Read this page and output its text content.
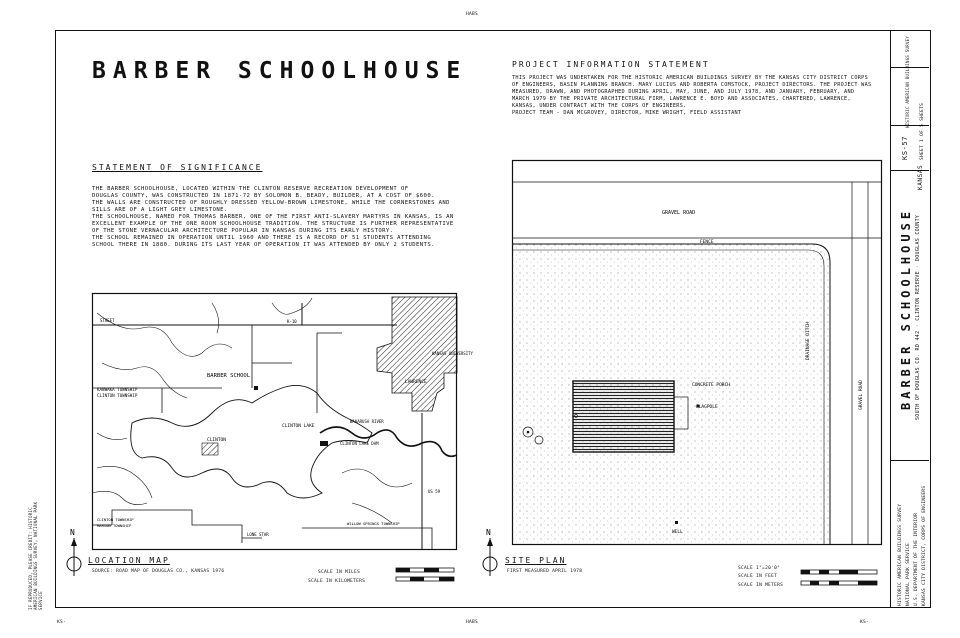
HABS
KS-57 SHEET 1 OF 5 SHEETS
HISTORIC AMERICAN BUILDINGS SURVEY
BARBER SCHOOLHOUSE SOUTH OF DOUGLAS CO. RD 442 · CLINTON RESERVE · DOUGLAS COUNTY
KANSAS
HISTORIC AMERICAN BUILDINGS SURVEY NATIONAL PARK SERVICE U.S. DEPARTMENT OF THE INTERIOR KANSAS CITY DISTRICT, CORPS OF ENGINEERS
IF REPRODUCED, PLEASE CREDIT: HISTORIC AMERICAN BUILDINGS SURVEY, NATIONAL PARK SERVICE
HABS
KS-	KS-
BARBER SCHOOLHOUSE
STATEMENT OF SIGNIFICANCE
THE BARBER SCHOOLHOUSE, LOCATED WITHIN THE CLINTON RESERVE RECREATION DEVELOPMENT OF
DOUGLAS COUNTY, WAS CONSTRUCTED IN 1871-72 BY SOLOMON B. BEADY, BUILDER, AT A COST OF $600.
THE WALLS ARE CONSTRUCTED OF ROUGHLY DRESSED YELLOW-BROWN LIMESTONE, WHILE THE CORNERSTONES AND
SILLS ARE OF A LIGHT GREY LIMESTONE.
THE SCHOOLHOUSE, NAMED FOR THOMAS BARBER, ONE OF THE FIRST ANTI-SLAVERY MARTYRS IN KANSAS, IS AN
EXCELLENT EXAMPLE OF THE ONE ROOM SCHOOLHOUSE TRADITION. THE STRUCTURE IS FURTHER REPRESENTATIVE
OF THE STONE VERNACULAR ARCHITECTURE POPULAR IN KANSAS DURING ITS EARLY HISTORY.
THE SCHOOL REMAINED IN OPERATION UNTIL 1960 AND THERE IS A RECORD OF 51 STUDENTS ATTENDING
SCHOOL THERE IN 1880. DURING ITS LAST YEAR OF OPERATION IT WAS ATTENDED BY ONLY 2 STUDENTS.
PROJECT INFORMATION STATEMENT
THIS PROJECT WAS UNDERTAKEN FOR THE HISTORIC AMERICAN BUILDINGS SURVEY BY THE KANSAS CITY DISTRICT CORPS
OF ENGINEERS, BASIN PLANNING BRANCH. MARY LUCIUS AND ROBERTA COMSTOCK, PROJECT DIRECTORS. THE PROJECT WAS
MEASURED, DRAWN, AND PHOTOGRAPHED DURING APRIL, MAY, JUNE, AND JULY 1978, AND JANUARY, FEBRUARY, AND
MARCH 1979 BY THE PRIVATE ARCHITECTURAL FIRM, LAWRENCE E. BOYD AND ASSOCIATES, CHARTERED, LAWRENCE,
KANSAS, UNDER CONTRACT WITH THE CORPS OF ENGINEERS.
PROJECT TEAM - DAN MCGROVEY, DIRECTOR, MIKE WRIGHT, FIELD ASSISTANT
BARBER SCHOOL
KANWAKA TOWNSHIP
CLINTON TOWNSHIP
CLINTON LAKE
CLINTON
CLINTON LAKE DAM
LAWRENCE
KANSAS UNIVERSITY
WAKARUSA RIVER
US 59
K-10
LONE STAR
CLINTON TOWNSHIP
MARION TOWNSHIP	WILLOW SPRINGS TOWNSHIP
STREET
N
LOCATION MAP
SOURCE: ROAD MAP OF DOUGLAS CO., KANSAS 1976	SCALE IN MILES
SCALE IN KILOMETERS
GRAVEL ROAD
FENCE
CONCRETE PORCH
FLAGPOLE
WELL
DRAINAGE DITCH
GRAVEL ROAD
N
SITE PLAN
FIRST MEASURED APRIL 1978
SCALE 1"=20'0"
SCALE IN FEET
SCALE IN METERS
